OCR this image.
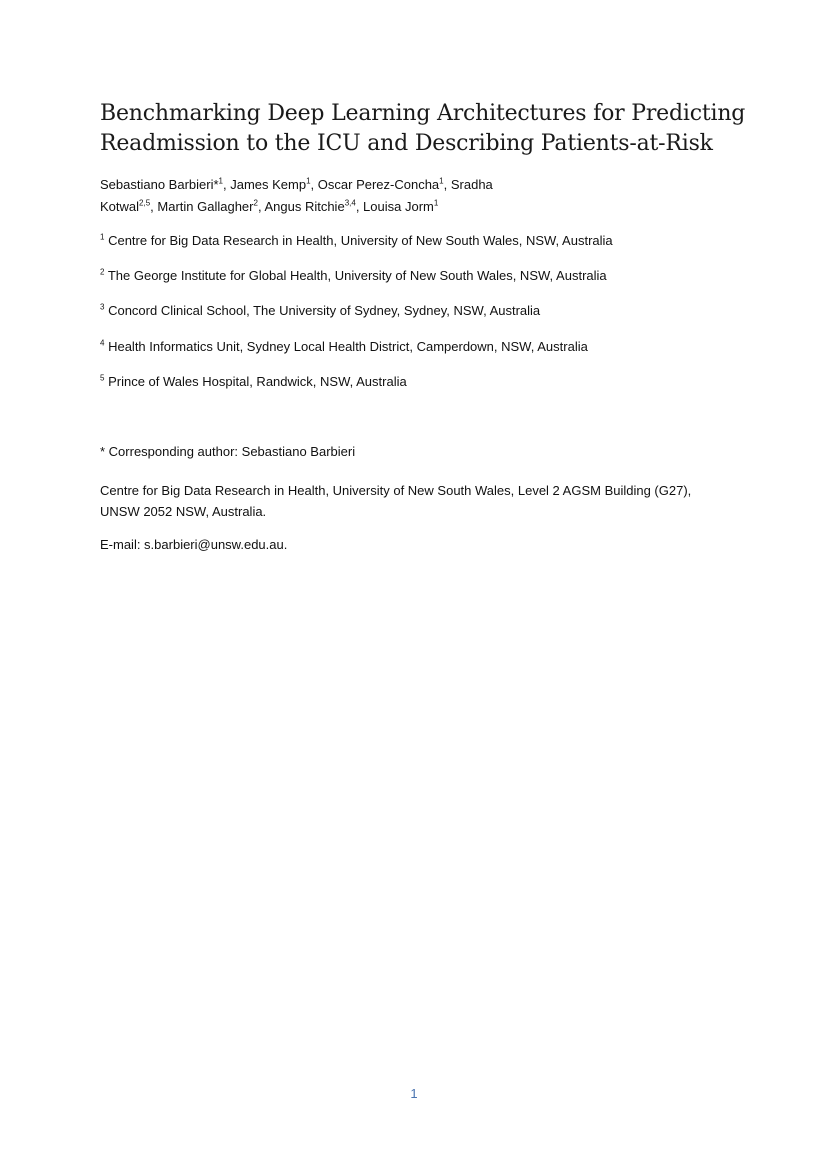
Benchmarking Deep Learning Architectures for Predicting
Readmission to the ICU and Describing Patients-at-Risk

Sebastiano Barbieri*$^1$, James Kemp$^1$, Oscar Perez-Concha$^1$, Sradha
Kotwal$^{2,5}$, Martin Gallagher$^2$, Angus Ritchie$^{3,4}$, Louisa Jorm$^1$

$^1$ Centre for Big Data Research in Health, University of New South Wales, NSW, Australia

$^2$ The George Institute for Global Health, University of New South Wales, NSW, Australia

$^3$ Concord Clinical School, The University of Sydney, Sydney, NSW, Australia

$^4$ Health Informatics Unit, Sydney Local Health District, Camperdown, NSW, Australia

$^5$ Prince of Wales Hospital, Randwick, NSW, Australia

* Corresponding author: Sebastiano Barbieri

Centre for Big Data Research in Health, University of New South Wales, Level 2 AGSM Building (G27),
UNSW 2052 NSW, Australia.

E-mail: s.barbieri@unsw.edu.au.

1
